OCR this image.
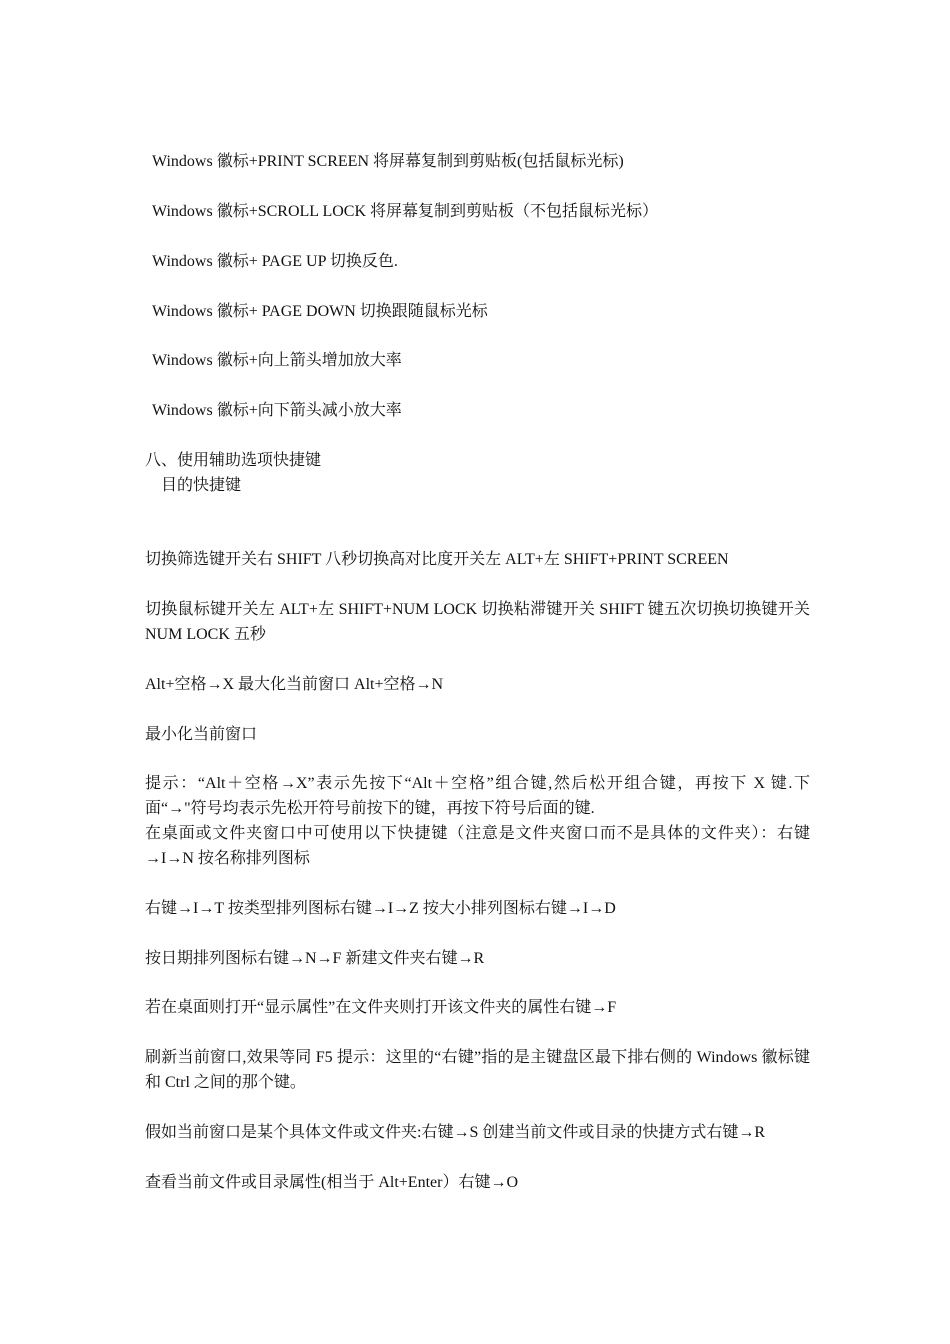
Windows 徽标+PRINT SCREEN 将屏幕复制到剪贴板(包括鼠标光标)

Windows 徽标+SCROLL LOCK 将屏幕复制到剪贴板（不包括鼠标光标）

Windows 徽标+ PAGE UP 切换反色.

Windows 徽标+ PAGE DOWN 切换跟随鼠标光标

Windows 徽标+向上箭头增加放大率

Windows 徽标+向下箭头减小放大率

八、使用辅助选项快捷键

目的快捷键

切换筛选键开关右 SHIFT 八秒切换高对比度开关左 ALT+左 SHIFT+PRINT SCREEN

切换鼠标键开关左 ALT+左 SHIFT+NUM LOCK 切换粘滞键开关 SHIFT 键五次切换切换键开关 NUM LOCK 五秒

Alt+空格→X 最大化当前窗口 Alt+空格→N

最小化当前窗口

提示：“Alt＋空格→X”表示先按下“Alt＋空格”组合键,然后松开组合键，再按下 X 键.下面“→"符号均表示先松开符号前按下的键，再按下符号后面的键.

在桌面或文件夹窗口中可使用以下快捷键（注意是文件夹窗口而不是具体的文件夹）：右键→I→N 按名称排列图标

右键→I→T 按类型排列图标右键→I→Z 按大小排列图标右键→I→D

按日期排列图标右键→N→F 新建文件夹右键→R

若在桌面则打开“显示属性”在文件夹则打开该文件夹的属性右键→F

刷新当前窗口,效果等同 F5 提示：这里的“右键”指的是主键盘区最下排右侧的 Windows 徽标键和 Ctrl 之间的那个键。

假如当前窗口是某个具体文件或文件夹:右键→S 创建当前文件或目录的快捷方式右键→R

查看当前文件或目录属性(相当于 Alt+Enter）右键→O
